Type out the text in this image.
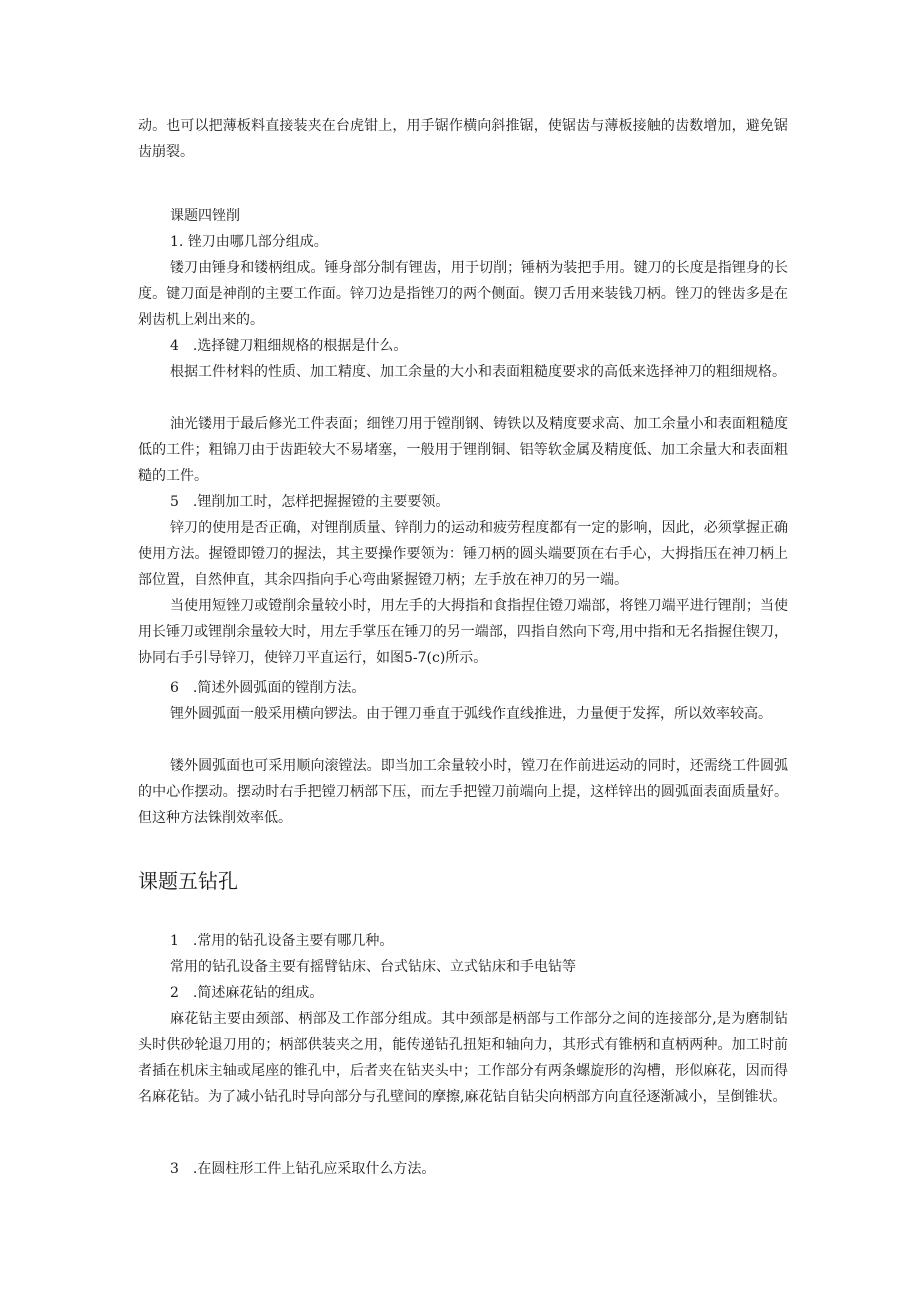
动。也可以把薄板料直接装夹在台虎钳上，用手锯作横向斜推锯，使锯齿与薄板接触的齿数增加，避免锯齿崩裂。

课题四锉削

1. 锉刀由哪几部分组成。

镂刀由锤身和镂柄组成。锤身部分制有锂齿，用于切削；锤柄为装把手用。键刀的长度是指锂身的长度。键刀面是神削的主要工作面。锌刀边是指锉刀的两个侧面。锲刀舌用来装钱刀柄。锉刀的锉齿多是在剁齿机上剁出来的。

4　.选择键刀粗细规格的根据是什么。

根据工件材料的性质、加工精度、加工余量的大小和表面粗糙度要求的高低来选择神刀的粗细规格。

油光镂用于最后修光工件表面；细锉刀用于镗削钢、铸铁以及精度要求高、加工余量小和表面粗糙度低的工件；粗锦刀由于齿距较大不易堵塞，一般用于锂削铜、铝等软金属及精度低、加工余量大和表面粗糙的工件。

5　.锂削加工时，怎样把握握镫的主要要领。

锌刀的使用是否正确，对锂削质量、锌削力的运动和疲劳程度都有一定的影响，因此，必须掌握正确使用方法。握镫即镫刀的握法，其主要操作要领为：锤刀柄的圆头端要顶在右手心，大拇指压在神刀柄上部位置，自然伸直，其余四指向手心弯曲紧握镫刀柄；左手放在神刀的另一端。

当使用短锉刀或镫削余量较小时，用左手的大拇指和食指捏住镫刀端部，将锉刀端平进行锂削；当使用长锤刀或锂削余量较大时，用左手掌压在锤刀的另一端部，四指自然向下弯,用中指和无名指握住锲刀，协同右手引导锌刀，使锌刀平直运行，如图5-7(c)所示。

6　.简述外圆弧面的镗削方法。

锂外圆弧面一般采用横向锣法。由于锂刀垂直于弧线作直线推进，力量便于发挥，所以效率较高。

镂外圆弧面也可采用顺向滚镗法。即当加工余量较小时，镗刀在作前进运动的同时，还需绕工件圆弧的中心作摆动。摆动时右手把镗刀柄部下压，而左手把镗刀前端向上提，这样锌出的圆弧面表面质量好。但这种方法铢削效率低。

课题五钻孔

1　.常用的钻孔设备主要有哪几种。

常用的钻孔设备主要有摇臂钻床、台式钻床、立式钻床和手电钻等

2　.简述麻花钻的组成。

麻花钻主要由颈部、柄部及工作部分组成。其中颈部是柄部与工作部分之间的连接部分,是为磨制钻头时供砂轮退刀用的；柄部供装夹之用，能传递钻孔扭矩和轴向力，其形式有锥柄和直柄两种。加工时前者插在机床主轴或尾座的锥孔中，后者夹在钻夹头中；工作部分有两条螺旋形的沟槽，形似麻花，因而得名麻花钻。为了减小钻孔时导向部分与孔壁间的摩擦,麻花钻自钻尖向柄部方向直径逐渐减小，呈倒锥状。

3　.在圆柱形工件上钻孔应采取什么方法。
